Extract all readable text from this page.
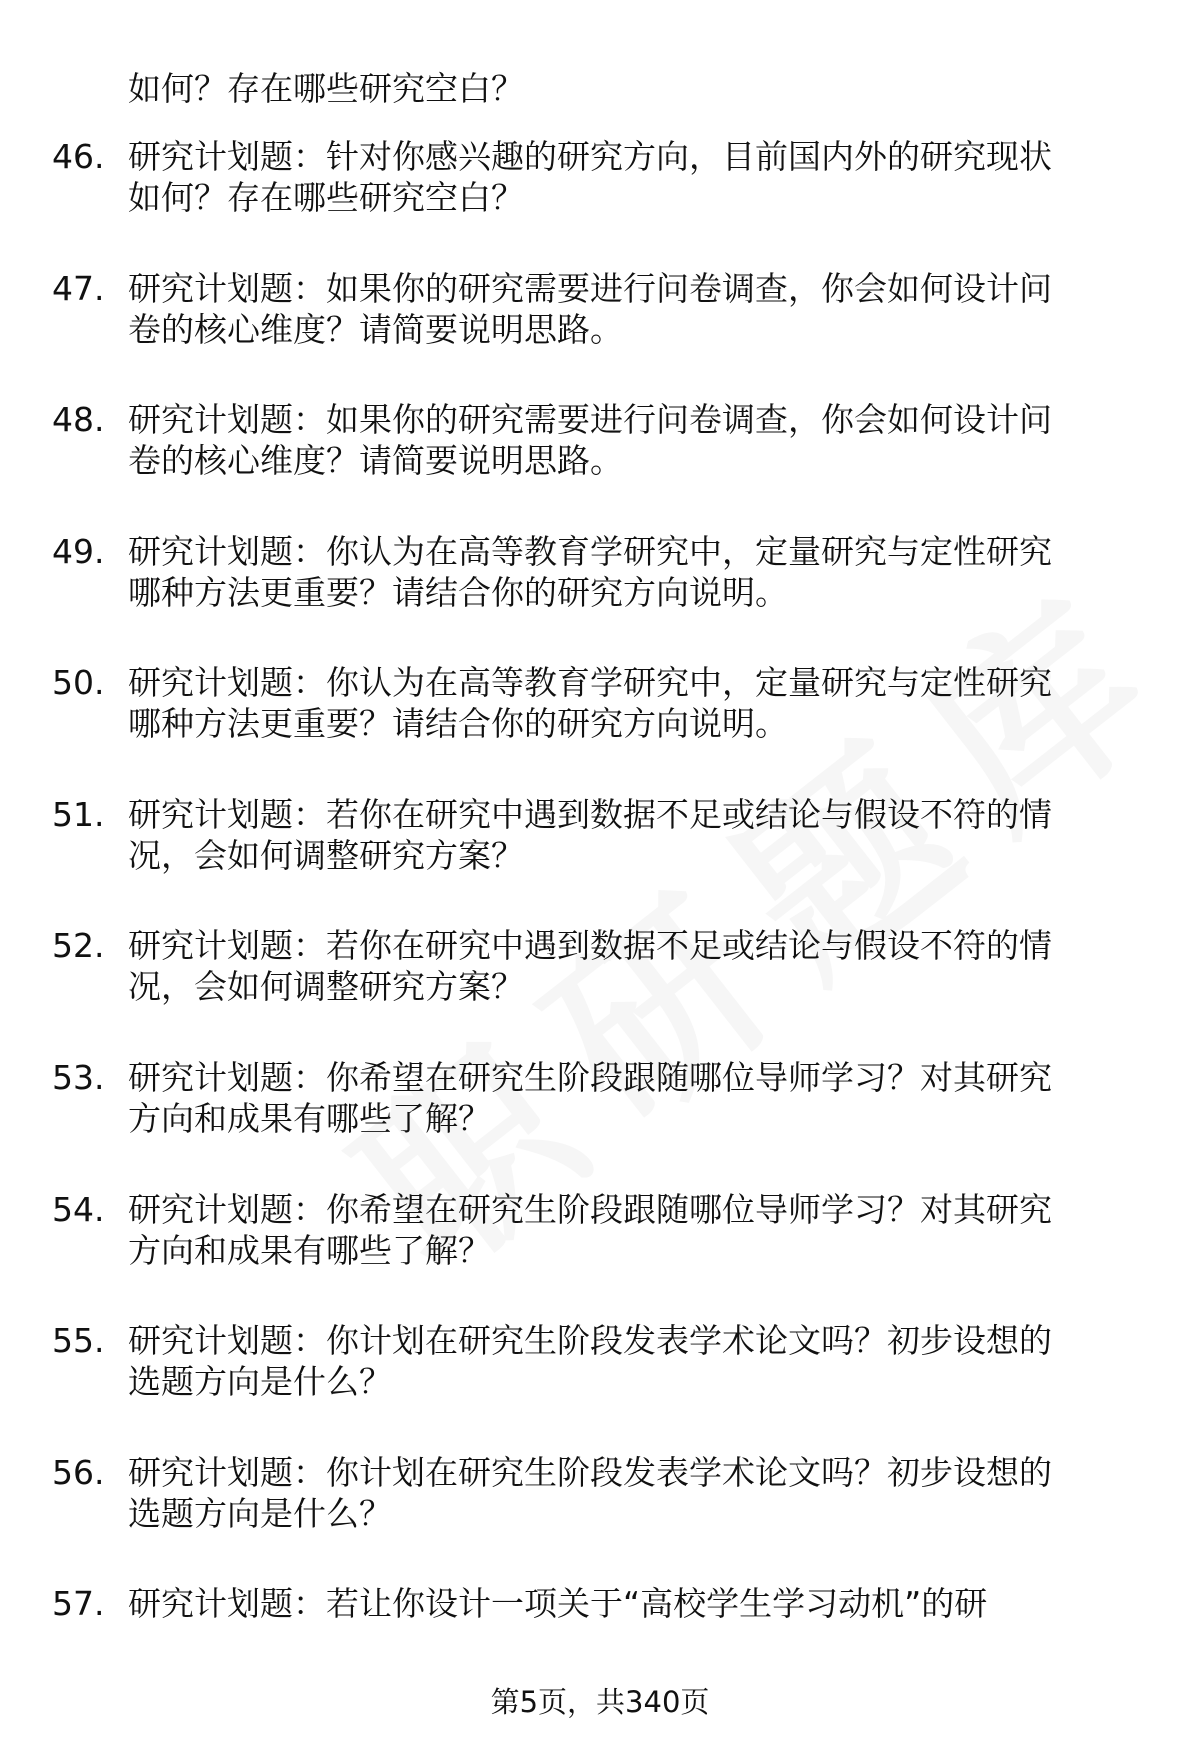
如何？存在哪些研究空白？
46. 研究计划题：针对你感兴趣的研究方向，目前国内外的研究现状
如何？存在哪些研究空白？
47. 研究计划题：如果你的研究需要进行问卷调查，你会如何设计问
卷的核心维度？请简要说明思路。
48. 研究计划题：如果你的研究需要进行问卷调查，你会如何设计问
卷的核心维度？请简要说明思路。
49. 研究计划题：你认为在高等教育学研究中，定量研究与定性研究
哪种方法更重要？请结合你的研究方向说明。
50. 研究计划题：你认为在高等教育学研究中，定量研究与定性研究
哪种方法更重要？请结合你的研究方向说明。
51. 研究计划题：若你在研究中遇到数据不足或结论与假设不符的情
况，会如何调整研究方案？
52. 研究计划题：若你在研究中遇到数据不足或结论与假设不符的情
况，会如何调整研究方案？
53. 研究计划题：你希望在研究生阶段跟随哪位导师学习？对其研究
方向和成果有哪些了解？
54. 研究计划题：你希望在研究生阶段跟随哪位导师学习？对其研究
方向和成果有哪些了解？
55. 研究计划题：你计划在研究生阶段发表学术论文吗？初步设想的
选题方向是什么？
56. 研究计划题：你计划在研究生阶段发表学术论文吗？初步设想的
选题方向是什么？
57. 研究计划题：若让你设计一项关于“高校学生学习动机”的研
第5页，共340页
